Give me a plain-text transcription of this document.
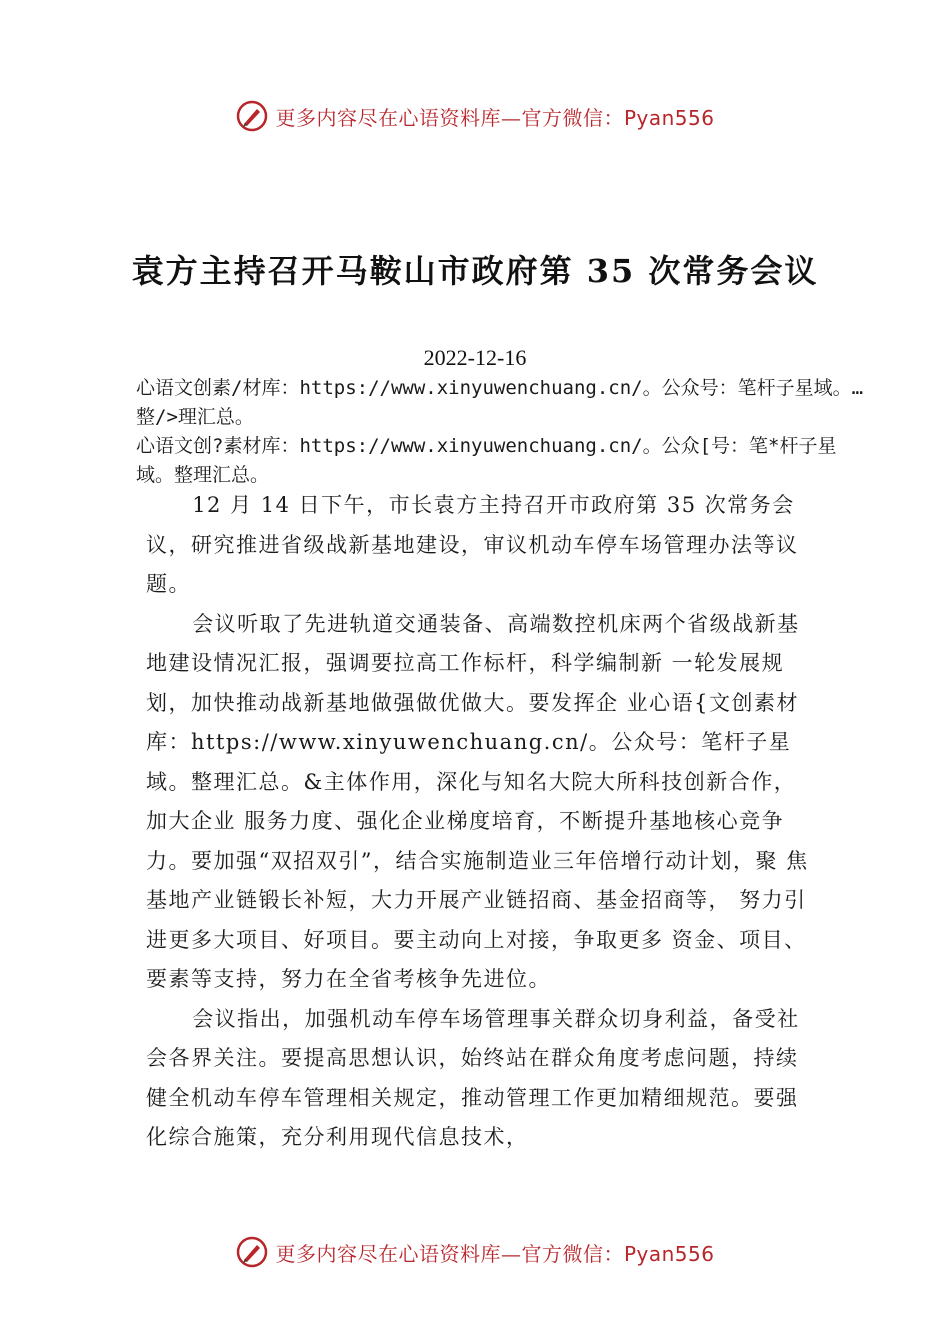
更多内容尽在心语资料库—官方微信：Pyan556
袁方主持召开马鞍山市政府第 35 次常务会议
2022-12-16
心语文创素/材库：https://www.xinyuwenchuang.cn/。公众号：笔杆子星域。…整/>理汇总。
心语文创?素材库：https://www.xinyuwenchuang.cn/。公众[号：笔*杆子星域。整理汇总。

12 月 14 日下午，市长袁方主持召开市政府第 35 次常务会议，研究推进省级战新基地建设，审议机动车停车场管理办法等议题。

会议听取了先进轨道交通装备、高端数控机床两个省级战新基地建设情况汇报，强调要拉高工作标杆，科学编制新 一轮发展规划，加快推动战新基地做强做优做大。要发挥企 业心语{文创素材库：https://www.xinyuwenchuang.cn/。公众号：笔杆子星域。整理汇总。&主体作用，深化与知名大院大所科技创新合作，加大企业 服务力度、强化企业梯度培育，不断提升基地核心竞争力。要加强“双招双引”，结合实施制造业三年倍增行动计划，聚 焦基地产业链锻长补短，大力开展产业链招商、基金招商等， 努力引进更多大项目、好项目。要主动向上对接，争取更多 资金、项目、要素等支持，努力在全省考核争先进位。

会议指出，加强机动车停车场管理事关群众切身利益，备受社会各界关注。要提高思想认识，始终站在群众角度考虑问题，持续健全机动车停车管理相关规定，推动管理工作更加精细规范。要强化综合施策，充分利用现代信息技术，

更多内容尽在心语资料库—官方微信：Pyan556
